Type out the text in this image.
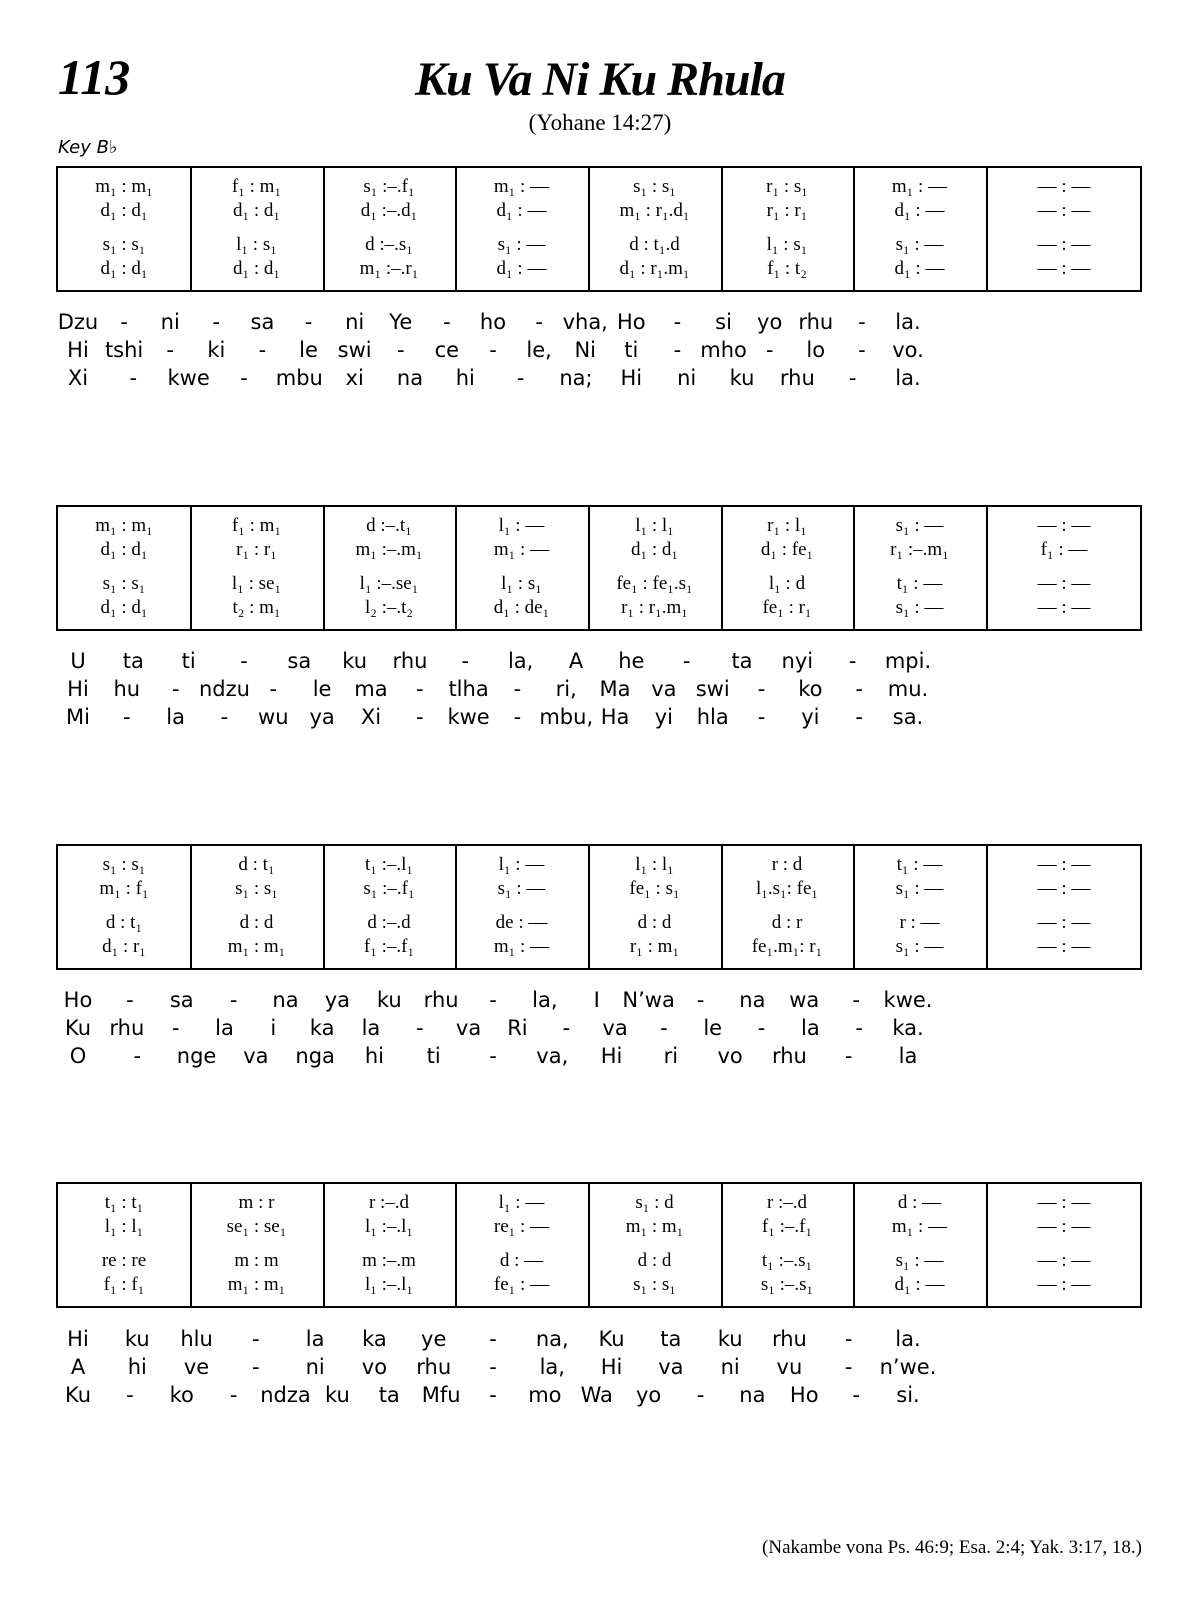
113	Ku Va Ni Ku Rhula
(Yohane 14:27)
Key B♭
m₁ : m₁	f₁ : m₁	s₁ :–.f₁	m₁ : —	s₁ : s₁	r₁ : s₁	m₁ : —	— : —
d₁ : d₁	d₁ : d₁	d₁ :–.d₁	d₁ : —	m₁ : r₁.d₁	r₁ : r₁	d₁ : —	— : —
s₁ : s₁	l₁ : s₁	d :–.s₁	s₁ : —	d : t₁.d	l₁ : s₁	s₁ : —	— : —
d₁ : d₁	d₁ : d₁	m₁ :–.r₁	d₁ : —	d₁ : r₁.m₁	f₁ : t₂	d₁ : —	— : —
Dzu - ni - sa - ni Ye - ho - vha, Ho - si yo rhu - la.
Hi tshi - ki - le swi - ce - le, Ni ti - mho - lo - vo.
Xi - kwe - mbu xi na hi - na; Hi ni ku rhu - la.
m₁ : m₁	f₁ : m₁	d :–.t₁	l₁ : —	l₁ : l₁	r₁ : l₁	s₁ : —	— : —
d₁ : d₁	r₁ : r₁	m₁ :–.m₁	m₁ : —	d₁ : d₁	d₁ : fe₁	r₁ :–.m₁	f₁ : —
s₁ : s₁	l₁ : se₁	l₁ :–.se₁	l₁ : s₁	fe₁ : fe₁.s₁	l₁ : d	t₁ : —	— : —
d₁ : d₁	t₂ : m₁	l₂ :–.t₂	d₁ : de₁	r₁ : r₁.m₁	fe₁ : r₁	s₁ : —	— : —
U ta ti - sa ku rhu - la, A he - ta nyi - mpi.
Hi hu - ndzu - le ma - tlha - ri, Ma va swi - ko - mu.
Mi - la - wu ya Xi - kwe - mbu, Ha yi hla - yi - sa.
s₁ : s₁	d : t₁	t₁ :–.l₁	l₁ : —	l₁ : l₁	r : d	t₁ : —	— : —
m₁ : f₁	s₁ : s₁	s₁ :–.f₁	s₁ : —	fe₁ : s₁	l₁.s₁: fe₁	s₁ : —	— : —
d : t₁	d : d	d :–.d	de : —	d : d	d : r	r : —	— : —
d₁ : r₁	m₁ : m₁	f₁ :–.f₁	m₁ : —	r₁ : m₁	fe₁.m₁: r₁	s₁ : —	— : —
Ho - sa - na ya ku rhu - la, I N’wa - na wa - kwe.
Ku rhu - la i ka la - va Ri - va - le - la - ka.
O - nge va nga hi ti - va, Hi ri vo rhu - la
t₁ : t₁	m : r	r :–.d	l₁ : —	s₁ : d	r :–.d	d : —	— : —
l₁ : l₁	se₁ : se₁	l₁ :–.l₁	re₁ : —	m₁ : m₁	f₁ :–.f₁	m₁ : —	— : —
re : re	m : m	m :–.m	d : —	d : d	t₁ :–.s₁	s₁ : —	— : —
f₁ : f₁	m₁ : m₁	l₁ :–.l₁	fe₁ : —	s₁ : s₁	s₁ :–.s₁	d₁ : —	— : —
Hi ku hlu - la ka ye - na, Ku ta ku rhu - la.
A hi ve - ni vo rhu - la, Hi va ni vu - n’we.
Ku - ko - ndza ku ta Mfu - mo Wa yo - na Ho - si.
(Nakambe vona Ps. 46:9; Esa. 2:4; Yak. 3:17, 18.)
